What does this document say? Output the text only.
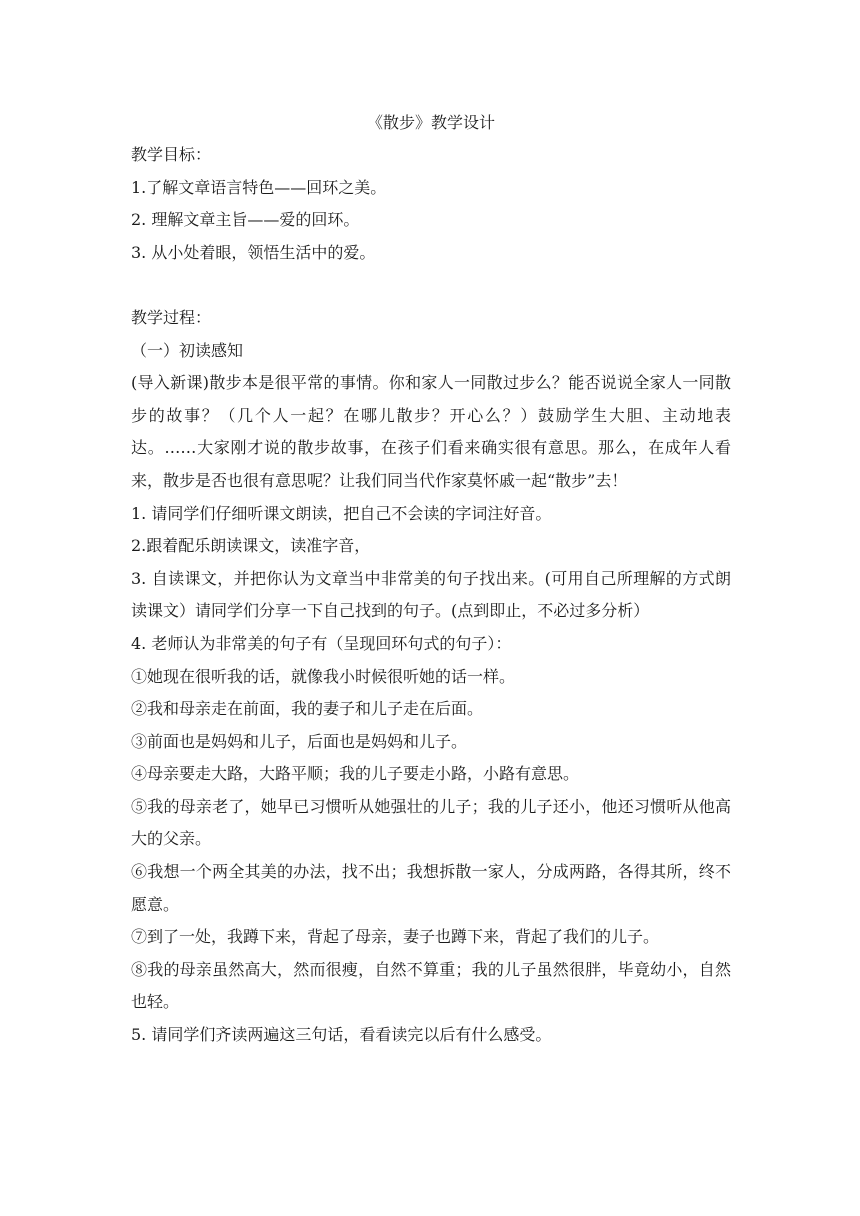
《散步》教学设计

教学目标：

1.了解文章语言特色——回环之美。

2. 理解文章主旨——爱的回环。

3. 从小处着眼，领悟生活中的爱。

教学过程：

（一）初读感知

(导入新课)散步本是很平常的事情。你和家人一同散过步么？能否说说全家人一同散步的故事？（几个人一起？在哪儿散步？开心么？）鼓励学生大胆、主动地表达。……大家刚才说的散步故事，在孩子们看来确实很有意思。那么，在成年人看来，散步是否也很有意思呢？让我们同当代作家莫怀戚一起“散步”去！

1. 请同学们仔细听课文朗读，把自己不会读的字词注好音。

2.跟着配乐朗读课文，读准字音，

3. 自读课文，并把你认为文章当中非常美的句子找出来。(可用自己所理解的方式朗读课文）请同学们分享一下自己找到的句子。(点到即止，不必过多分析）

4. 老师认为非常美的句子有（呈现回环句式的句子）：

①她现在很听我的话，就像我小时候很听她的话一样。

②我和母亲走在前面，我的妻子和儿子走在后面。

③前面也是妈妈和儿子，后面也是妈妈和儿子。

④母亲要走大路，大路平顺；我的儿子要走小路，小路有意思。

⑤我的母亲老了，她早已习惯听从她强壮的儿子；我的儿子还小，他还习惯听从他高大的父亲。

⑥我想一个两全其美的办法，找不出；我想拆散一家人，分成两路，各得其所，终不愿意。

⑦到了一处，我蹲下来，背起了母亲，妻子也蹲下来，背起了我们的儿子。

⑧我的母亲虽然高大，然而很瘦，自然不算重；我的儿子虽然很胖，毕竟幼小，自然也轻。

5. 请同学们齐读两遍这三句话，看看读完以后有什么感受。
